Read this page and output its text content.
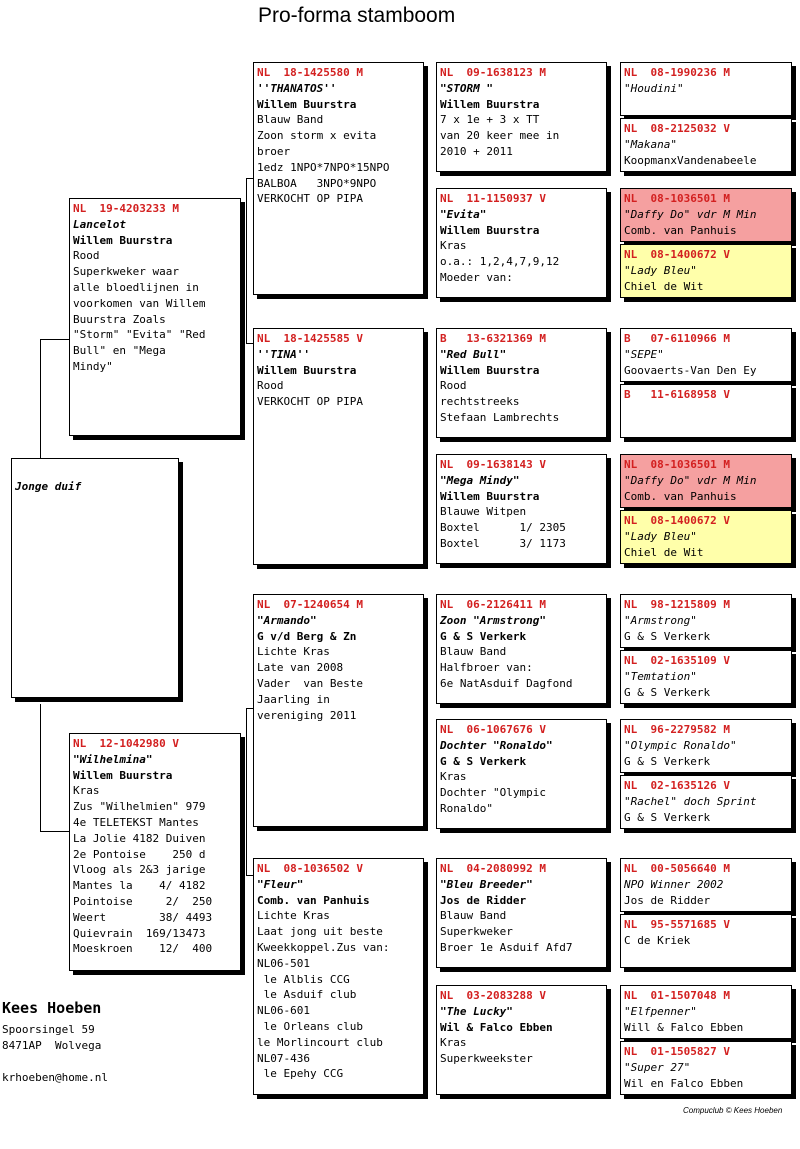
Pro-forma stamboom
Jonge duif
NL  19-4203233 M
Lancelot
Willem Buurstra
Rood
Superkweker waar
alle bloedlijnen in
voorkomen van Willem
Buurstra Zoals
"Storm" "Evita" "Red
Bull" en "Mega
Mindy"
NL  12-1042980 V
"Wilhelmina"
Willem Buurstra
Kras
Zus "Wilhelmien" 979
4e TELETEKST Mantes
La Jolie 4182 Duiven
2e Pontoise    250 d
Vloog als 2&3 jarige
Mantes la    4/ 4182
Pointoise     2/  250
Weert        38/ 4493
Quievrain  169/13473
Moeskroen    12/  400
NL  18-1425580 M
''THANATOS''
Willem Buurstra
Blauw Band
Zoon storm x evita
broer
1edz 1NPO*7NPO*15NPO
BALBOA   3NPO*9NPO
VERKOCHT OP PIPA
NL  18-1425585 V
''TINA''
Willem Buurstra
Rood
VERKOCHT OP PIPA
NL  07-1240654 M
"Armando"
G v/d Berg & Zn
Lichte Kras
Late van 2008
Vader  van Beste
Jaarling in
vereniging 2011
NL  08-1036502 V
"Fleur"
Comb. van Panhuis
Lichte Kras
Laat jong uit beste
Kweekkoppel.Zus van:
NL06-501
le Alblis CCG
le Asduif club
NL06-601
le Orleans club
le Morlincourt club
NL07-436
le Epehy CCG
NL  09-1638123 M
"STORM "
Willem Buurstra
7 x 1e + 3 x TT
van 20 keer mee in
2010 + 2011
NL  11-1150937 V
"Evita"
Willem Buurstra
Kras
o.a.: 1,2,4,7,9,12
Moeder van:
B   13-6321369 M
"Red Bull"
Willem Buurstra
Rood
rechtstreeks
Stefaan Lambrechts
NL  09-1638143 V
"Mega Mindy"
Willem Buurstra
Blauwe Witpen
Boxtel      1/ 2305
Boxtel      3/ 1173
NL  06-2126411 M
Zoon "Armstrong"
G & S Verkerk
Blauw Band
Halfbroer van:
6e NatAsduif Dagfond
NL  06-1067676 V
Dochter "Ronaldo"
G & S Verkerk
Kras
Dochter "Olympic
Ronaldo"
NL  04-2080992 M
"Bleu Breeder"
Jos de Ridder
Blauw Band
Superkweker
Broer 1e Asduif Afd7
NL  03-2083288 V
"The Lucky"
Wil & Falco Ebben
Kras
Superkweekster
NL  08-1990236 M
"Houdini"
NL  08-2125032 V
"Makana"
KoopmanxVandenabeele
NL  08-1036501 M
"Daffy Do" vdr M Min
Comb. van Panhuis
NL  08-1400672 V
"Lady Bleu"
Chiel de Wit
B   07-6110966 M
"SEPE"
Goovaerts-Van Den Ey
B   11-6168958 V
NL  08-1036501 M
"Daffy Do" vdr M Min
Comb. van Panhuis
NL  08-1400672 V
"Lady Bleu"
Chiel de Wit
NL  98-1215809 M
"Armstrong"
G & S Verkerk
NL  02-1635109 V
"Temtation"
G & S Verkerk
NL  96-2279582 M
"Olympic Ronaldo"
G & S Verkerk
NL  02-1635126 V
"Rachel" doch Sprint
G & S Verkerk
NL  00-5056640 M
NPO Winner 2002
Jos de Ridder
NL  95-5571685 V
C de Kriek
NL  01-1507048 M
"Elfpenner"
Will & Falco Ebben
NL  01-1505827 V
"Super 27"
Wil en Falco Ebben
Kees Hoeben
Spoorsingel 59
8471AP  Wolvega
krhoeben@home.nl
Compuclub © Kees Hoeben
